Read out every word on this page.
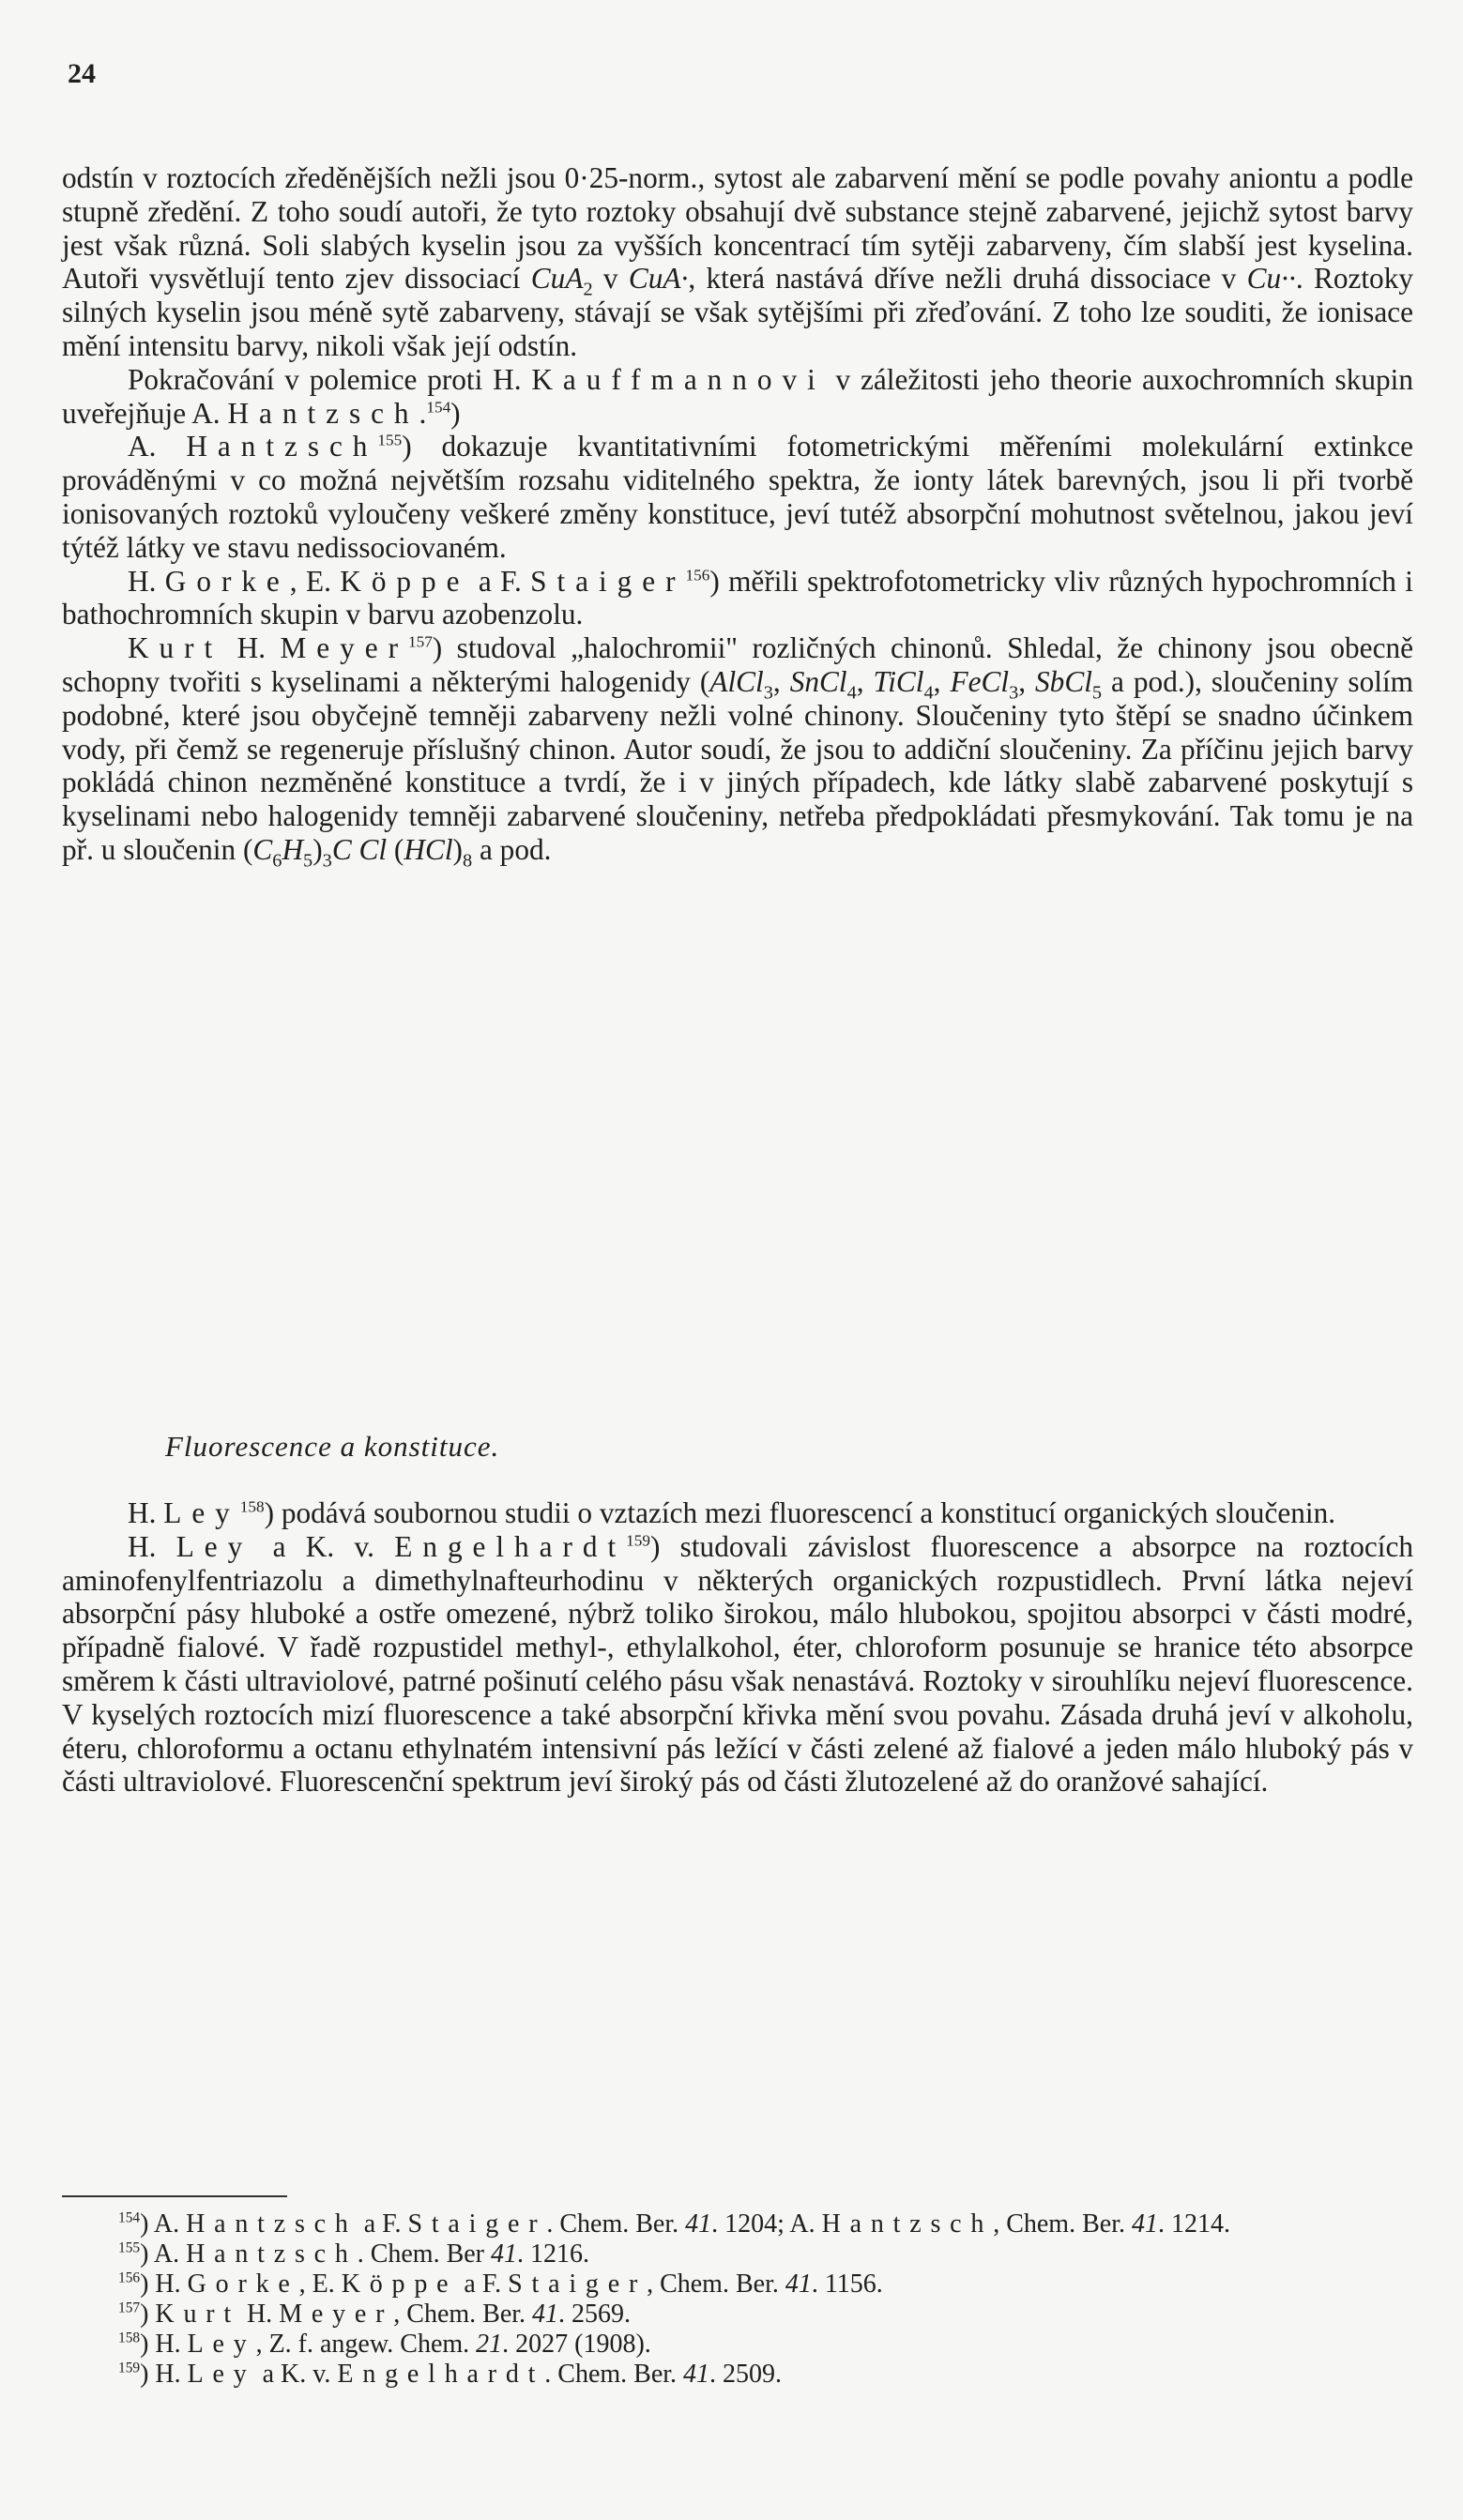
24

odstín v roztocích zředěnějších nežli jsou 0·25-norm., sytost ale zabarvení mění se podle povahy aniontu a podle stupně zředění. Z toho soudí autoři, že tyto roztoky obsahují dvě substance stejně zabarvené, jejichž sytost barvy jest však různá. Soli slabých kyselin jsou za vyšších koncentrací tím sytěji zabarveny, čím slabší jest kyselina. Autoři vysvětlují tento zjev dissociací CuA$_2$ v CuA·, která nastává dříve nežli druhá dissociace v Cu··. Roztoky silných kyselin jsou méně sytě zabarveny, stávají se však sytějšími při zřeďování. Z toho lze souditi, že ionisace mění intensitu barvy, nikoli však její odstín.

Pokračování v polemice proti H. Kauffmannovi v záležitosti jeho theorie auxochromních skupin uveřejňuje A. Hantzsch.$^{154}$)

A. Hantzsch$^{155}$) dokazuje kvantitativními fotometrickými měřeními molekulární extinkce prováděnými v co možná největším rozsahu viditelného spektra, že ionty látek barevných, jsou li při tvorbě ionisovaných roztoků vyloučeny veškeré změny konstituce, jeví tutéž absorpční mohutnost světelnou, jakou jeví týtéž látky ve stavu nedissociovaném.

H. Gorke, E. Köppe a F. Staiger$^{156}$) měřili spektrofotometricky vliv různých hypochromních i bathochromních skupin v barvu azobenzolu.

Kurt H. Meyer$^{157}$) studoval „halochromii" rozličných chinonů. Shledal, že chinony jsou obecně schopny tvořiti s kyselinami a některými halogenidy (AlCl$_3$, SnCl$_4$, TiCl$_4$, FeCl$_3$, SbCl$_5$ a pod.), sloučeniny solím podobné, které jsou obyčejně temněji zabarveny nežli volné chinony. Sloučeniny tyto štěpí se snadno účinkem vody, při čemž se regeneruje příslušný chinon. Autor soudí, že jsou to addiční sloučeniny. Za příčinu jejich barvy pokládá chinon nezměněné konstituce a tvrdí, že i v jiných případech, kde látky slabě zabarvené poskytují s kyselinami nebo halogenidy temněji zabarvené sloučeniny, netřeba předpokládati přesmykování. Tak tomu je na př. u sloučenin $(C_6H_5)_3C$ Cl $(HCl)_8$ a pod.

Fluorescence a konstituce.

H. Ley$^{158}$) podává soubornou studii o vztazích mezi fluorescencí a konstitucí organických sloučenin.

H. Ley a K. v. Engelhardt$^{159}$) studovali závislost fluorescence a absorpce na roztocích aminofenylfentriazolu a dimethylnafteurhodinu v některých organických rozpustidlech. První látka nejeví absorpční pásy hluboké a ostře omezené, nýbrž toliko širokou, málo hlubokou, spojitou absorpci v části modré, případně fialové. V řadě rozpustidel methyl-, ethylalkohol, éter, chloroform posunuje se hranice této absorpce směrem k části ultraviolové, patrné pošinutí celého pásu však nenastává. Roztoky v sirouhlíku nejeví fluorescence. V kyselých roztocích mizí fluorescence a také absorpční křivka mění svou povahu. Zásada druhá jeví v alkoholu, éteru, chloroformu a octanu ethylnatém intensivní pás ležící v části zelené až fialové a jeden málo hluboký pás v části ultraviolové. Fluorescenční spektrum jeví široký pás od části žlutozelené až do oranžové sahající.

$^{154}$) A. Hantzsch a F. Staiger. Chem. Ber. 41. 1204; A. Hantzsch, Chem. Ber. 41. 1214.

$^{155}$) A. Hantzsch. Chem. Ber 41. 1216.

$^{156}$) H. Gorke, E. Köppe a F. Staiger, Chem. Ber. 41. 1156.

$^{157}$) Kurt H. Meyer, Chem. Ber. 41. 2569.

$^{158}$) H. Ley, Z. f. angew. Chem. 21. 2027 (1908).

$^{159}$) H. Ley a K. v. Engelhardt. Chem. Ber. 41. 2509.
